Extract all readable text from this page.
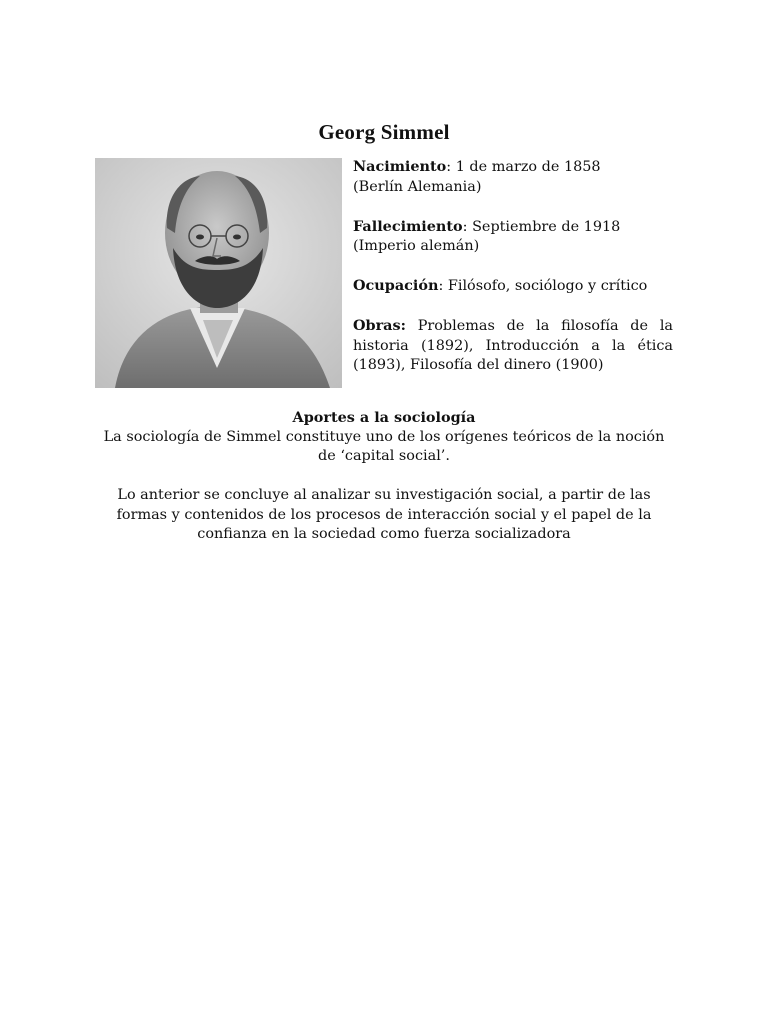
Georg Simmel

Nacimiento: 1 de marzo de 1858
(Berlín Alemania)

Fallecimiento: Septiembre de 1918
(Imperio alemán)

Ocupación: Filósofo, sociólogo y crítico

Obras: Problemas de la filosofía de la historia (1892), Introducción a la ética (1893), Filosofía del dinero (1900)

Aportes a la sociología

La sociología de Simmel constituye uno de los orígenes teóricos de la noción de ‘capital social’.

Lo anterior se concluye al analizar su investigación social, a partir de las formas y contenidos de los procesos de interacción social y el papel de la confianza en la sociedad como fuerza socializadora
